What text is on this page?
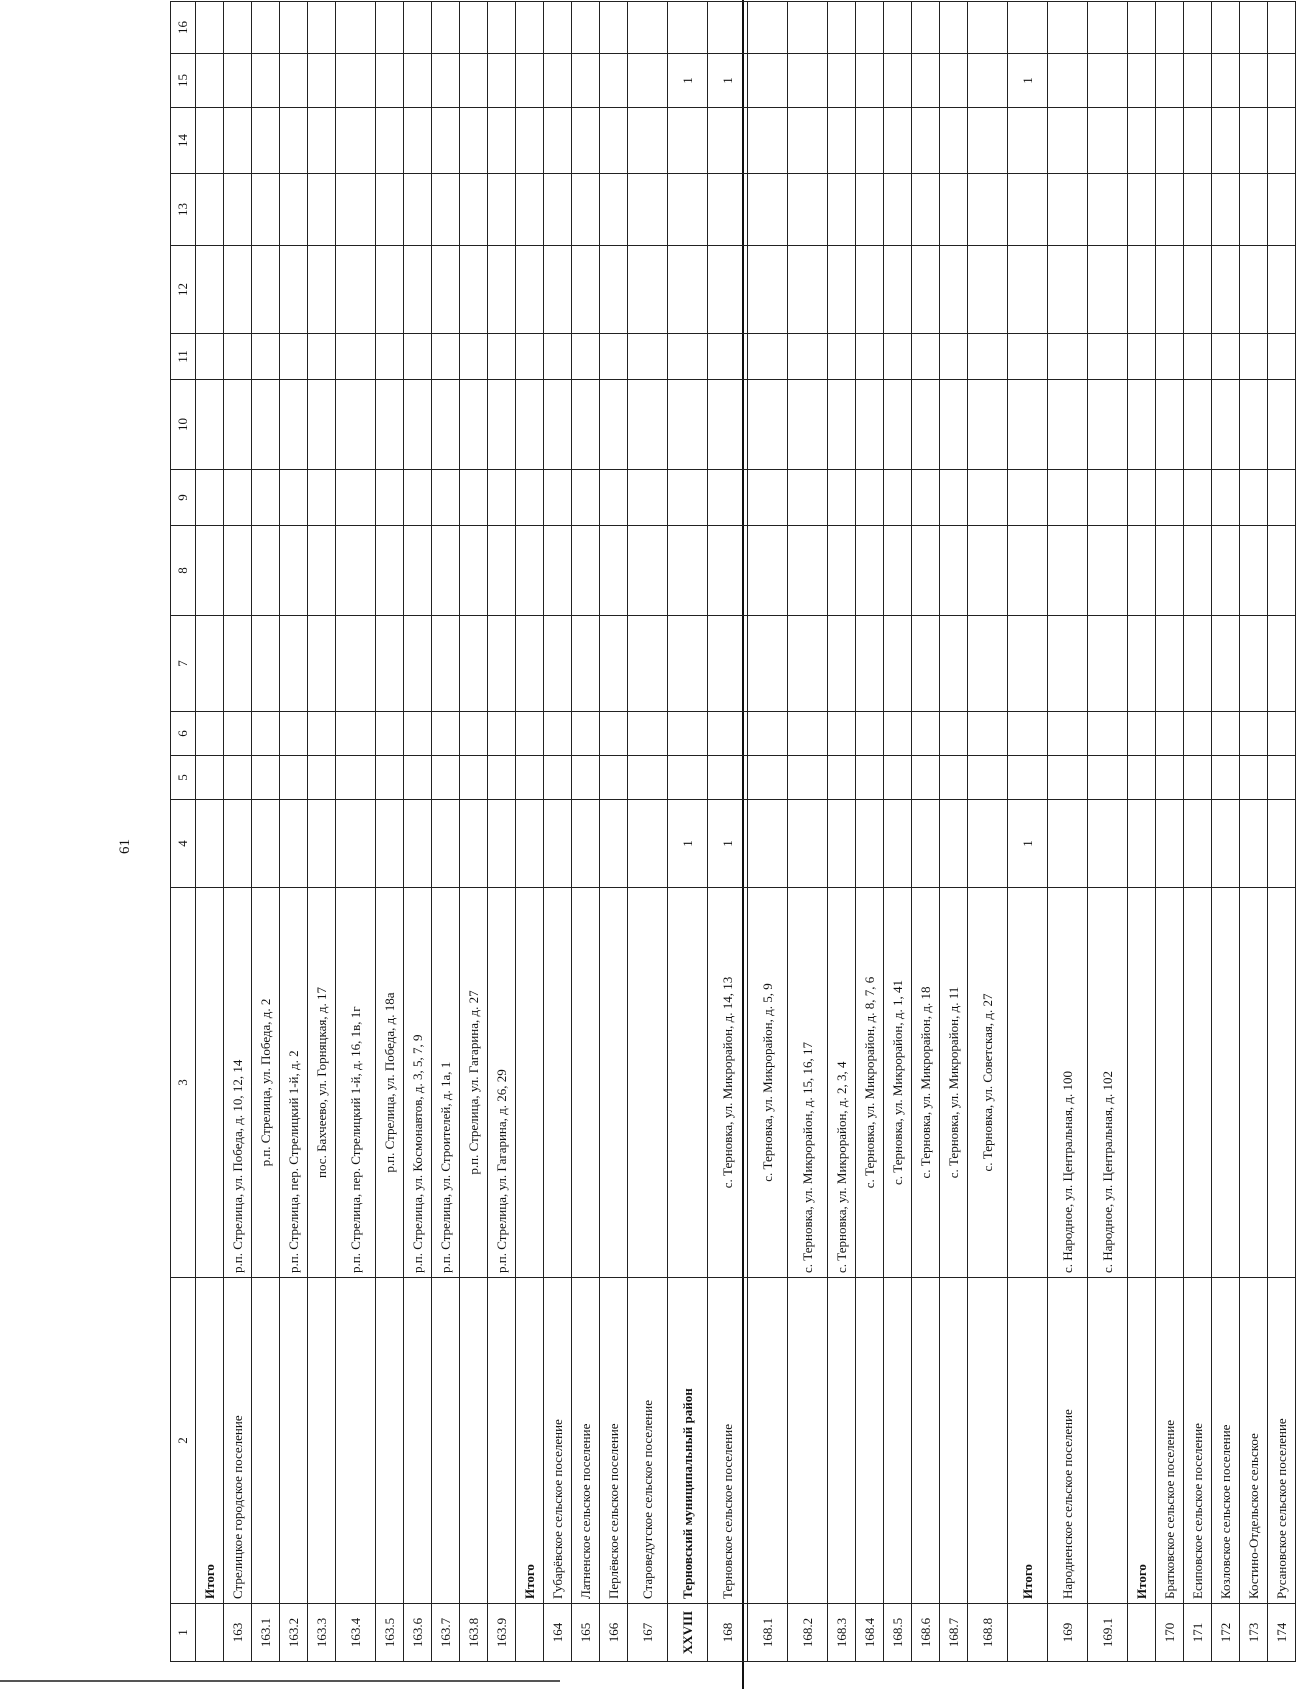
61
1	2	3	4	5	6	7	8	9	10	11	12	13	14	15	16
	Итого														
163	Стрелицкое городское поселение	р.п. Стрелица, ул. Победа, д. 10, 12, 14													
163.1		р.п. Стрелица, ул. Победа, д. 2													
163.2		р.п. Стрелица, пер. Стрелицкий 1-й, д. 2													
163.3		пос. Бахчеево, ул. Горняцкая, д. 17													
163.4		р.п. Стрелица, пер. Стрелицкий 1-й, д. 16, 1в, 1г													
163.5		р.п. Стрелица, ул. Победа, д. 18а													
163.6		р.п. Стрелица, ул. Космонавтов, д. 3, 5, 7, 9													
163.7		р.п. Стрелица, ул. Строителей, д. 1а, 1													
163.8		р.п. Стрелица, ул. Гагарина, д. 27													
163.9		р.п. Стрелица, ул. Гагарина, д. 26, 29													
	Итого														
164	Губарёвское сельское поселение														
165	Латненское сельское поселение														
166	Перлёвское сельское поселение														
167	Староведугское сельское поселение														
XXVIII	Терновский муниципальный район		1											1	
168	Терновское сельское поселение	с. Терновка, ул. Микрорайон, д. 14, 13	1											1	
168.1		с. Терновка, ул. Микрорайон, д. 5, 9													
168.2		с. Терновка, ул. Микрорайон, д. 15, 16, 17													
168.3		с. Терновка, ул. Микрорайон, д. 2, 3, 4													
168.4		с. Терновка, ул. Микрорайон, д. 8, 7, 6													
168.5		с. Терновка, ул. Микрорайон, д. 1, 41													
168.6		с. Терновка, ул. Микрорайон, д. 18													
168.7		с. Терновка, ул. Микрорайон, д. 11													
168.8		с. Терновка, ул. Советская, д. 27													
	Итого		1											1	
169	Народненское сельское поселение	с. Народное, ул. Центральная, д. 100													
169.1		с. Народное, ул. Центральная, д. 102													
	Итого														
170	Братковское сельское поселение														
171	Есиповское сельское поселение														
172	Козловское сельское поселение														
173	Костино-Отдельское сельское														
174	Русановское сельское поселение														
